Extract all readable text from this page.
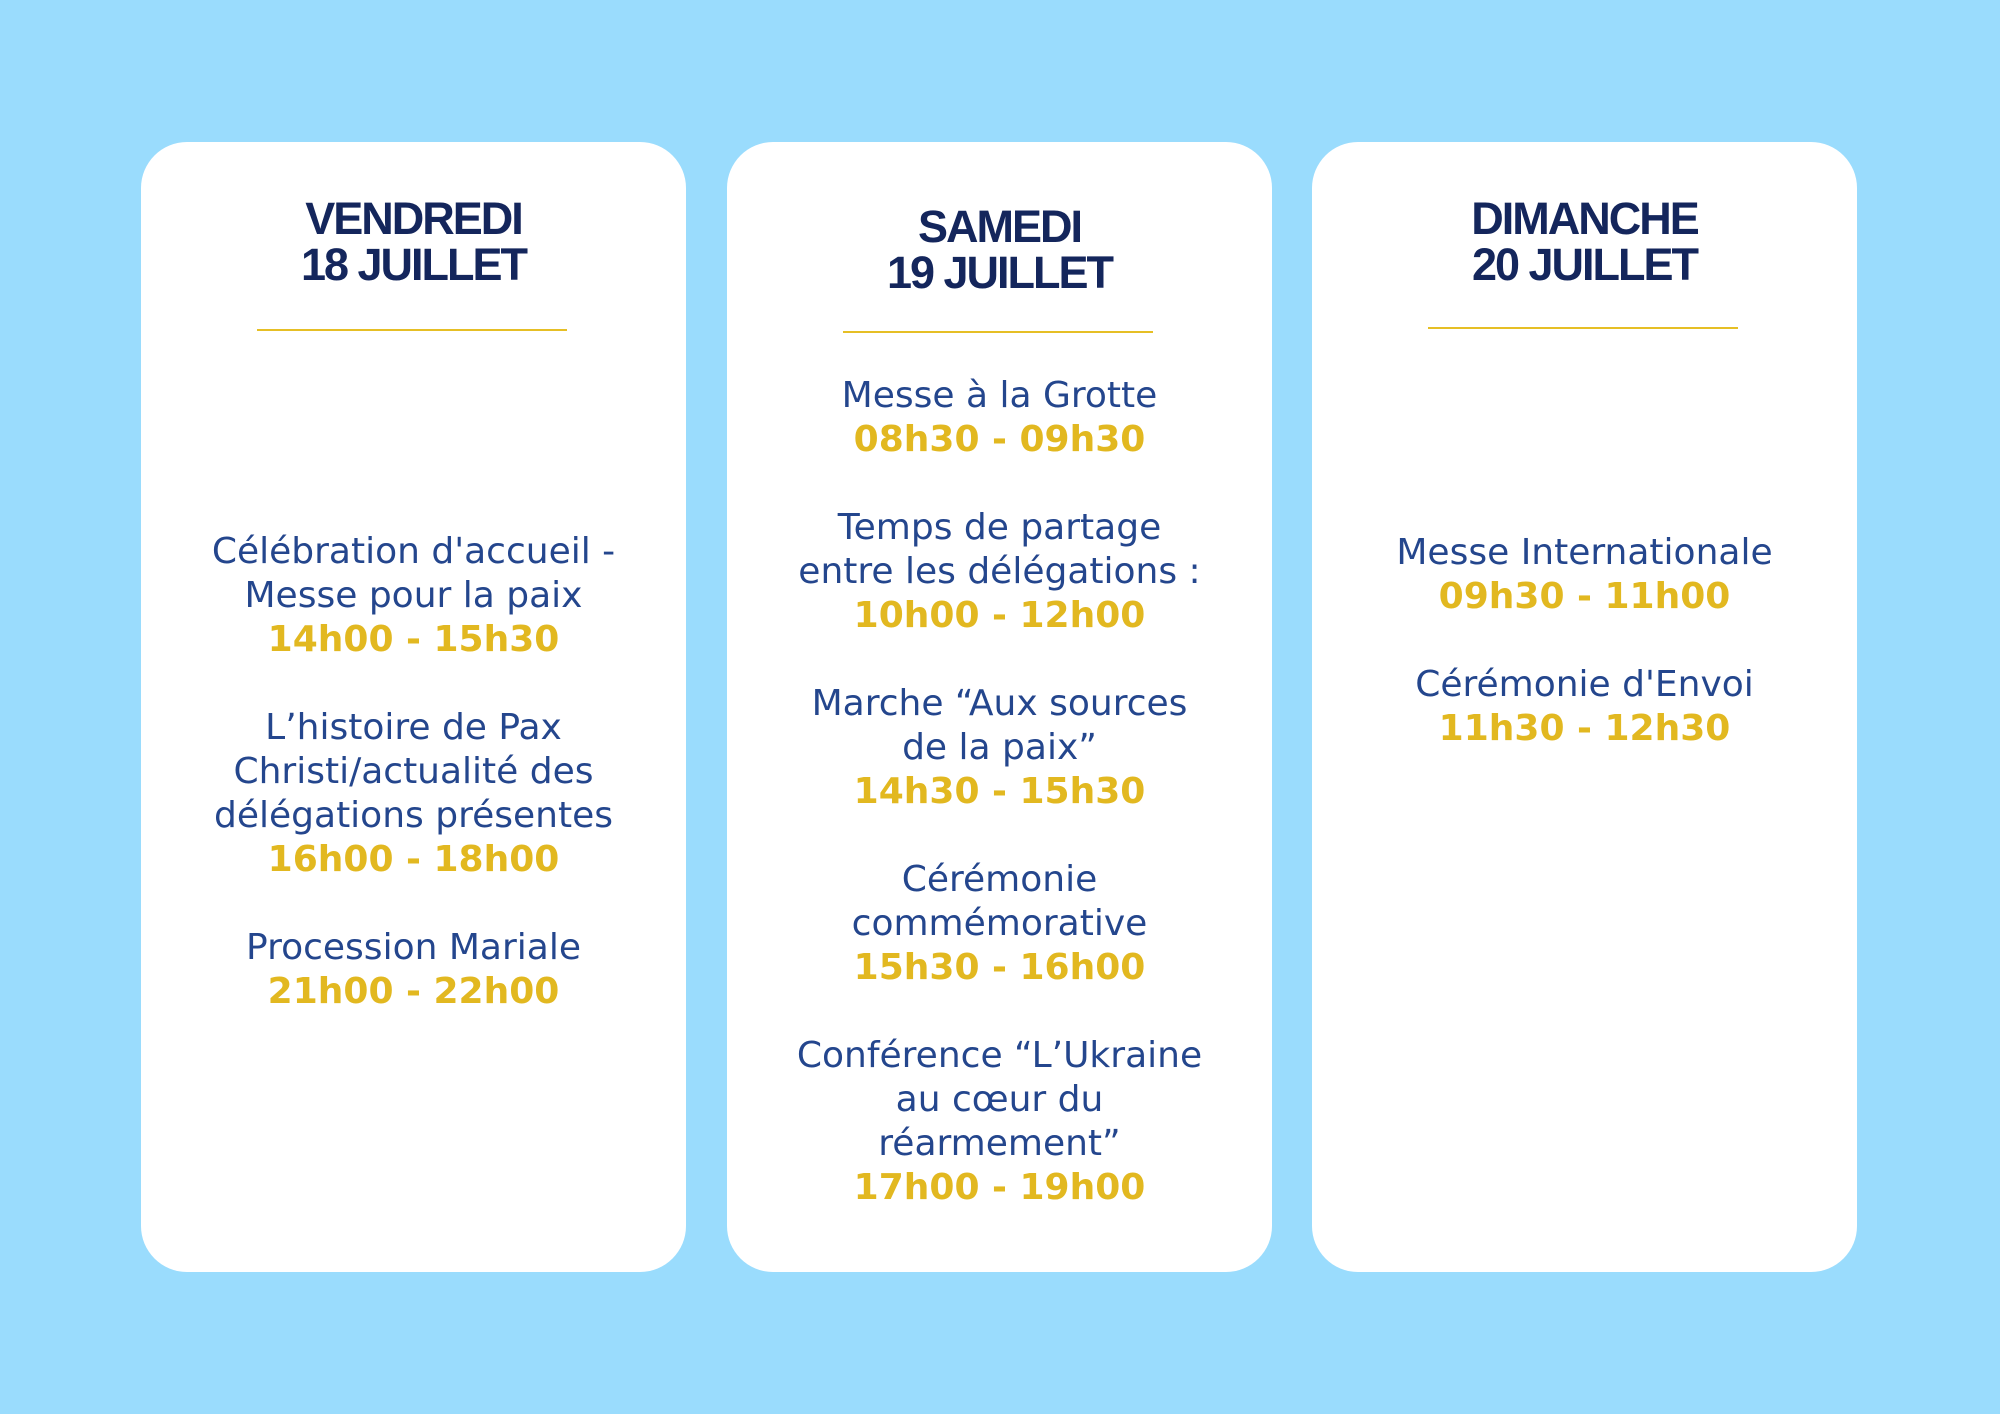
VENDREDI
18 JUILLET
Célébration d'accueil -
Messe pour la paix
14h00 - 15h30
L’histoire de Pax
Christi/actualité des
délégations présentes
16h00 - 18h00
Procession Mariale
21h00 - 22h00
SAMEDI
19 JUILLET
Messe à la Grotte
08h30 - 09h30
Temps de partage
entre les délégations :
10h00 - 12h00
Marche “Aux sources
de la paix”
14h30 - 15h30
Cérémonie
commémorative
15h30 - 16h00
Conférence “L’Ukraine
au cœur du
réarmement”
17h00 - 19h00
DIMANCHE
20 JUILLET
Messe Internationale
09h30 - 11h00
Cérémonie d'Envoi
11h30 - 12h30
